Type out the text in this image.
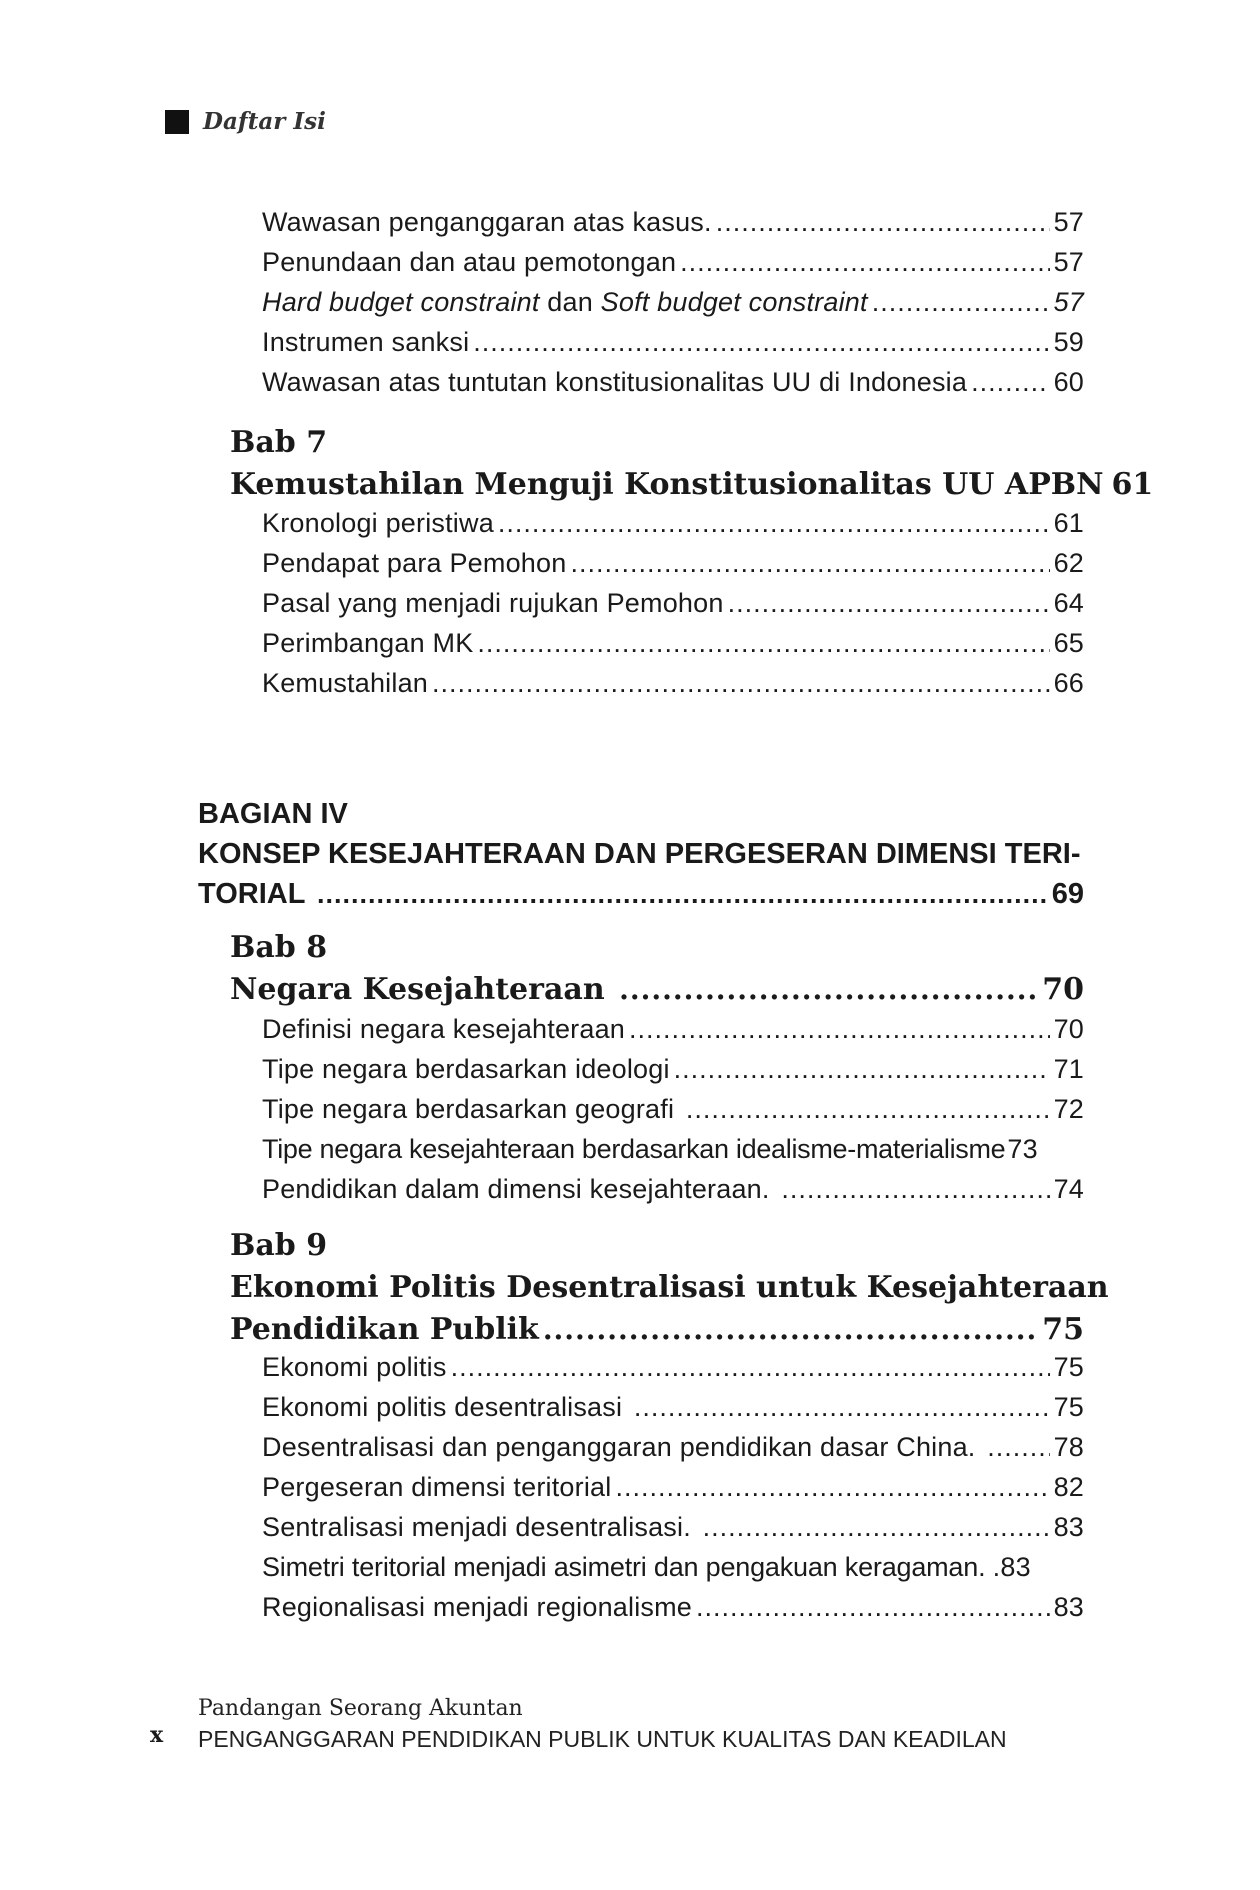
Daftar Isi
Wawasan penganggaran atas kasus. .....	57
Penundaan dan atau pemotongan .....	57
Hard budget constraint dan Soft budget constraint .....	57
Instrumen sanksi .....	59
Wawasan atas tuntutan konstitusionalitas UU di Indonesia .....	60
Bab 7
Kemustahilan Menguji Konstitusionalitas UU APBN 61
Kronologi peristiwa .....	61
Pendapat para Pemohon .....	62
Pasal yang menjadi rujukan Pemohon .....	64
Perimbangan MK .....	65
Kemustahilan .....	66
BAGIAN IV
KONSEP KESEJAHTERAAN DAN PERGESERAN DIMENSI TERI-
TORIAL .....	69
Bab 8
Negara Kesejahteraan .....	70
Definisi negara kesejahteraan .....	70
Tipe negara berdasarkan ideologi .....	71
Tipe negara berdasarkan geografi .....	72
Tipe negara kesejahteraan berdasarkan idealisme-materialisme 73
Pendidikan dalam dimensi kesejahteraan. .....	74
Bab 9
Ekonomi Politis Desentralisasi untuk Kesejahteraan
Pendidikan Publik .....	75
Ekonomi politis .....	75
Ekonomi politis desentralisasi .....	75
Desentralisasi dan penganggaran pendidikan dasar China. .....	78
Pergeseran dimensi teritorial .....	82
Sentralisasi menjadi desentralisasi. .....	83
Simetri teritorial menjadi asimetri dan pengakuan keragaman. . 83
Regionalisasi menjadi regionalisme .....	83
x
Pandangan Seorang Akuntan
PENGANGGARAN PENDIDIKAN PUBLIK UNTUK KUALITAS DAN KEADILAN
